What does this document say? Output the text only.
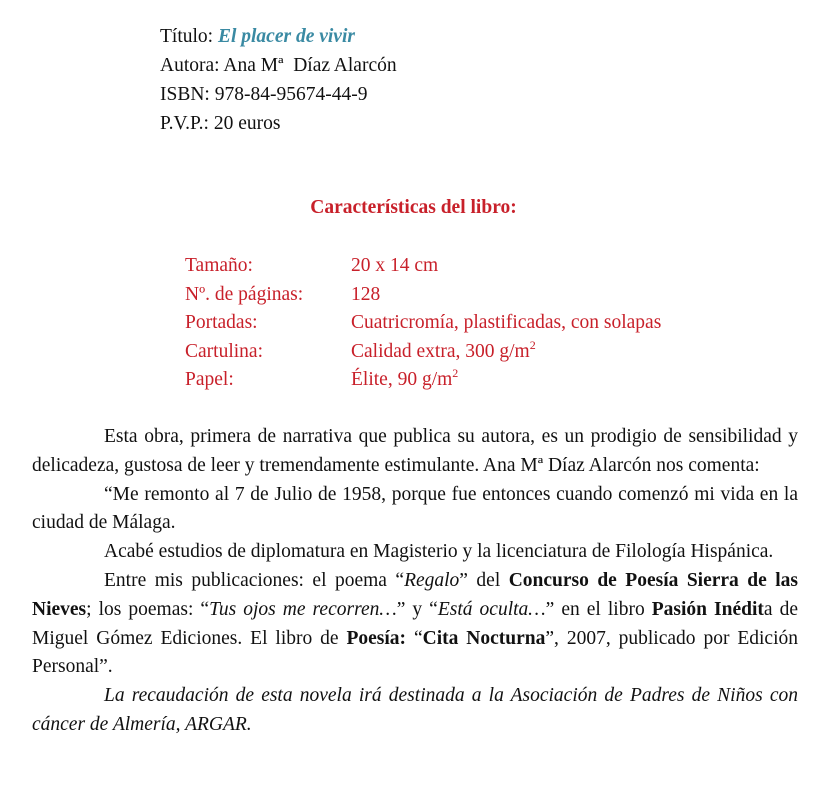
Título: El placer de vivir
Autora: Ana Mª  Díaz Alarcón
ISBN: 978-84-95674-44-9
P.V.P.: 20 euros
Características del libro:
Tamaño:	20 x 14 cm
Nº. de páginas: 128
Portadas:	Cuatricromía, plastificadas, con solapas
Cartulina:	Calidad extra, 300 $g/m^2$
Papel:	Élite, 90 $g/m^2$

Esta obra, primera de narrativa que publica su autora, es un prodigio de sensibilidad y delicadeza, gustosa de leer y tremendamente estimulante. Ana Mª Díaz Alarcón nos comenta:

“Me remonto al 7 de Julio de 1958, porque fue entonces cuando comenzó mi vida en la ciudad de Málaga.

Acabé estudios de diplomatura en Magisterio y la licenciatura de Filología Hispánica.

Entre mis publicaciones: el poema “Regalo” del Concurso de Poesía Sierra de las Nieves; los poemas: “Tus ojos me recorren…” y “Está oculta…” en el libro Pasión Inédita de Miguel Gómez Ediciones. El libro de Poesía: “Cita Nocturna”, 2007, publicado por Edición Personal”.

La recaudación de esta novela irá destinada a la Asociación de Padres de Niños con cáncer de Almería, ARGAR.
